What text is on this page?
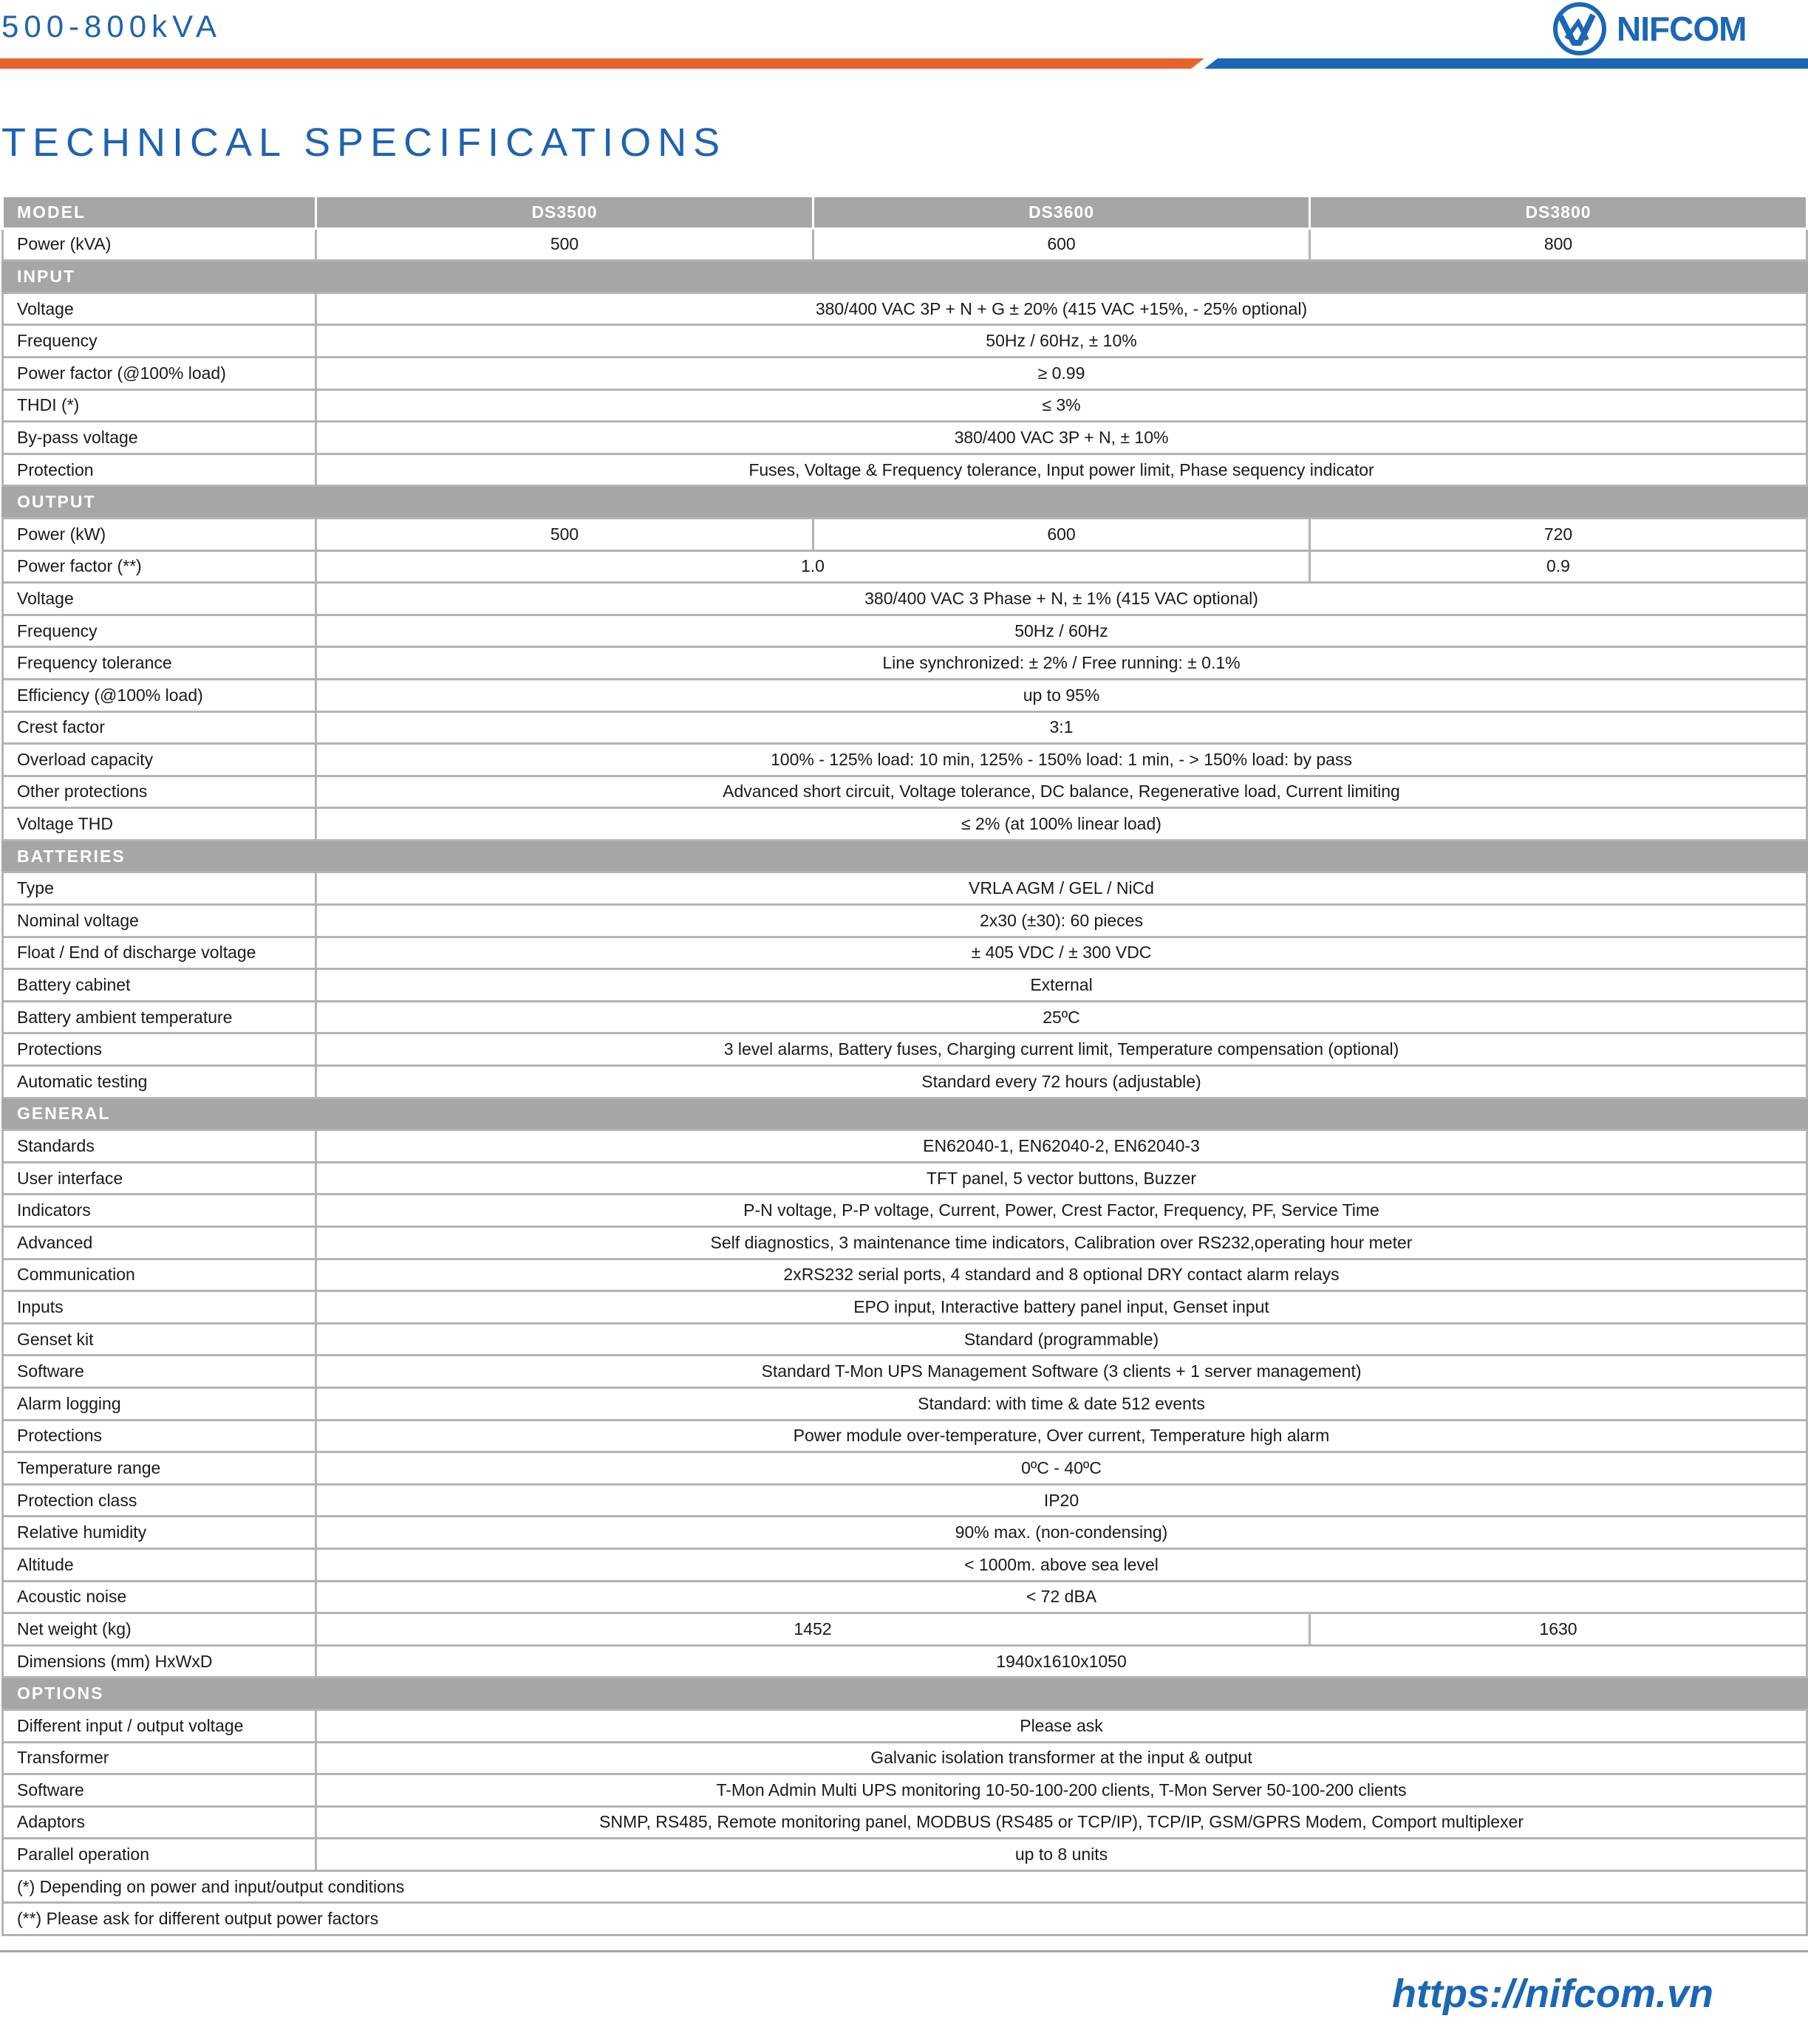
500-800kVA	NIFCOM
TECHNICAL SPECIFICATIONS
MODEL	DS3500	DS3600	DS3800
Power (kVA)	500	600	800
INPUT			
Voltage	380/400 VAC 3P + N + G ± 20% (415 VAC +15%, - 25% optional)		
Frequency	50Hz / 60Hz, ± 10%		
Power factor (@100% load)	≥ 0.99		
THDI (*)	≤ 3%		
By-pass voltage	380/400 VAC 3P + N, ± 10%		
Protection	Fuses, Voltage & Frequency tolerance, Input power limit, Phase sequency indicator		
OUTPUT			
Power (kW)	500	600	720
Power factor (**)	1.0		0.9
Voltage	380/400 VAC 3 Phase + N, ± 1% (415 VAC optional)		
Frequency	50Hz / 60Hz		
Frequency tolerance	Line synchronized: ± 2% / Free running: ± 0.1%		
Efficiency (@100% load)	up to 95%		
Crest factor	3:1		
Overload capacity	100% - 125% load: 10 min, 125% - 150% load: 1 min, - > 150% load: by pass		
Other protections	Advanced short circuit, Voltage tolerance, DC balance, Regenerative load, Current limiting		
Voltage THD	≤ 2% (at 100% linear load)		
BATTERIES			
Type	VRLA AGM / GEL / NiCd		
Nominal voltage	2x30 (±30): 60 pieces		
Float / End of discharge voltage	± 405 VDC / ± 300 VDC		
Battery cabinet	External		
Battery ambient temperature	25ºC		
Protections	3 level alarms, Battery fuses, Charging current limit, Temperature compensation (optional)		
Automatic testing	Standard every 72 hours (adjustable)		
GENERAL			
Standards	EN62040-1, EN62040-2, EN62040-3		
User interface	TFT panel, 5 vector buttons, Buzzer		
Indicators	P-N voltage, P-P voltage, Current, Power, Crest Factor, Frequency, PF, Service Time		
Advanced	Self diagnostics, 3 maintenance time indicators, Calibration over RS232,operating hour meter		
Communication	2xRS232 serial ports, 4 standard and 8 optional DRY contact alarm relays		
Inputs	EPO input, Interactive battery panel input, Genset input		
Genset kit	Standard (programmable)		
Software	Standard T-Mon UPS Management Software (3 clients + 1 server management)		
Alarm logging	Standard: with time & date 512 events		
Protections	Power module over-temperature, Over current, Temperature high alarm		
Temperature range	0ºC - 40ºC		
Protection class	IP20		
Relative humidity	90% max. (non-condensing)		
Altitude	< 1000m. above sea level		
Acoustic noise	< 72 dBA		
Net weight (kg)	1452		1630
Dimensions (mm) HxWxD	1940x1610x1050		
OPTIONS			
Different input / output voltage	Please ask		
Transformer	Galvanic isolation transformer at the input & output		
Software	T-Mon Admin Multi UPS monitoring 10-50-100-200 clients, T-Mon Server 50-100-200 clients		
Adaptors	SNMP, RS485, Remote monitoring panel, MODBUS (RS485 or TCP/IP), TCP/IP, GSM/GPRS Modem, Comport multiplexer		
Parallel operation	up to 8 units		
(*) Depending on power and input/output conditions			
(**) Please ask for different output power factors			
https://nifcom.vn
